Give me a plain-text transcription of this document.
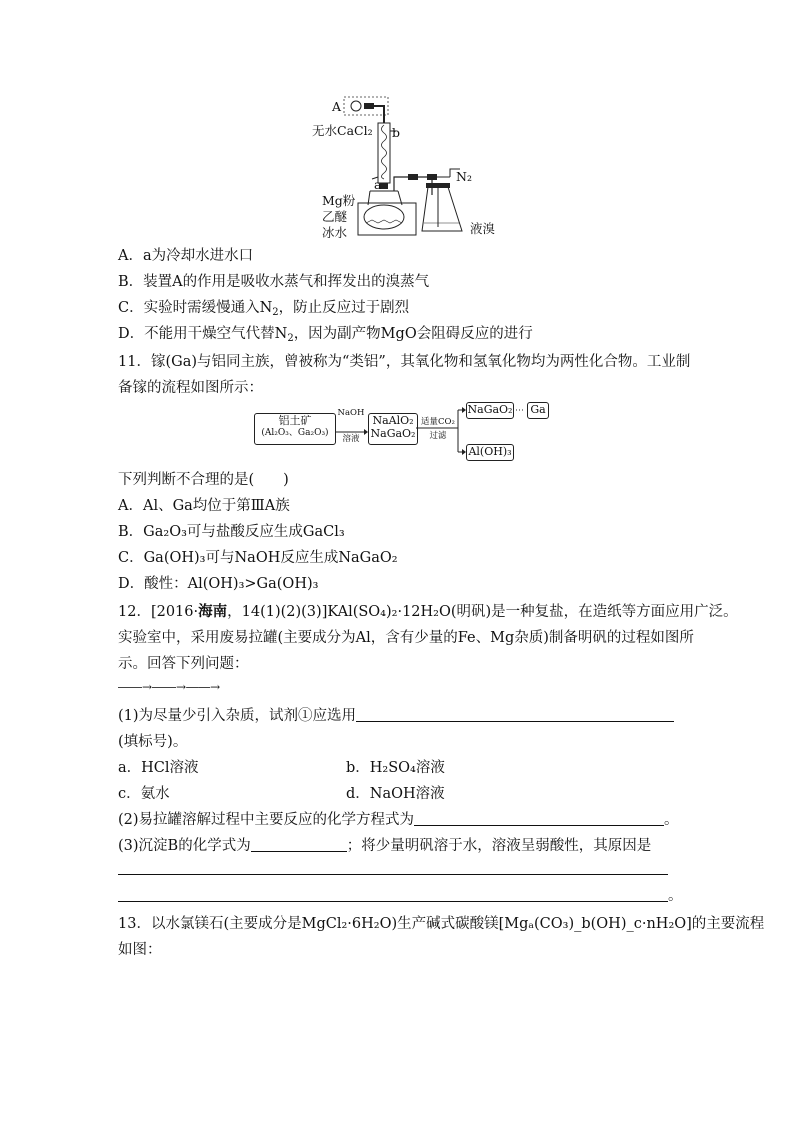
A
无水CaCl₂ b
a
N₂
Mg粉
乙醚
冰水	液溴
A．a为冷却水进水口
B．装置A的作用是吸收水蒸气和挥发出的溴蒸气
C．实验时需缓慢通入$N_2$，防止反应过于剧烈
D．不能用干燥空气代替$N_2$，因为副产物MgO会阻碍反应的进行
11．镓(Ga)与铝同主族，曾被称为“类铝”，其氧化物和氢氧化物均为两性化合物。工业制
备镓的流程如图所示：
铝土矿
(Al₂O₃、Ga₂O₃)
NaOH
溶液
NaAlO₂
NaGaO₂
适量CO₂
过滤
NaGaO₂	Ga
Al(OH)₃
下列判断不合理的是(　　)
A．Al、Ga均位于第ⅢA族
B．Ga₂O₃可与盐酸反应生成GaCl₃
C．Ga(OH)₃可与NaOH反应生成NaGaO₂
D．酸性：Al(OH)₃>Ga(OH)₃
12．[2016·海南，14(1)(2)(3)]KAl(SO₄)₂·12H₂O(明矾)是一种复盐，在造纸等方面应用广泛。
实验室中，采用废易拉罐(主要成分为Al，含有少量的Fe、Mg杂质)制备明矾的过程如图所
示。回答下列问题：
――→――→――→
(1)为尽量少引入杂质，试剂①应选用
(填标号)。
a．HCl溶液	b．H₂SO₄溶液
c．氨水	d．NaOH溶液
(2)易拉罐溶解过程中主要反应的化学方程式为	。
(3)沉淀B的化学式为	；将少量明矾溶于水，溶液呈弱酸性，其原因是
。
13．以水氯镁石(主要成分是MgCl₂·6H₂O)生产碱式碳酸镁[Mgₐ(CO₃)_b(OH)_c·nH₂O]的主要流程
如图：
